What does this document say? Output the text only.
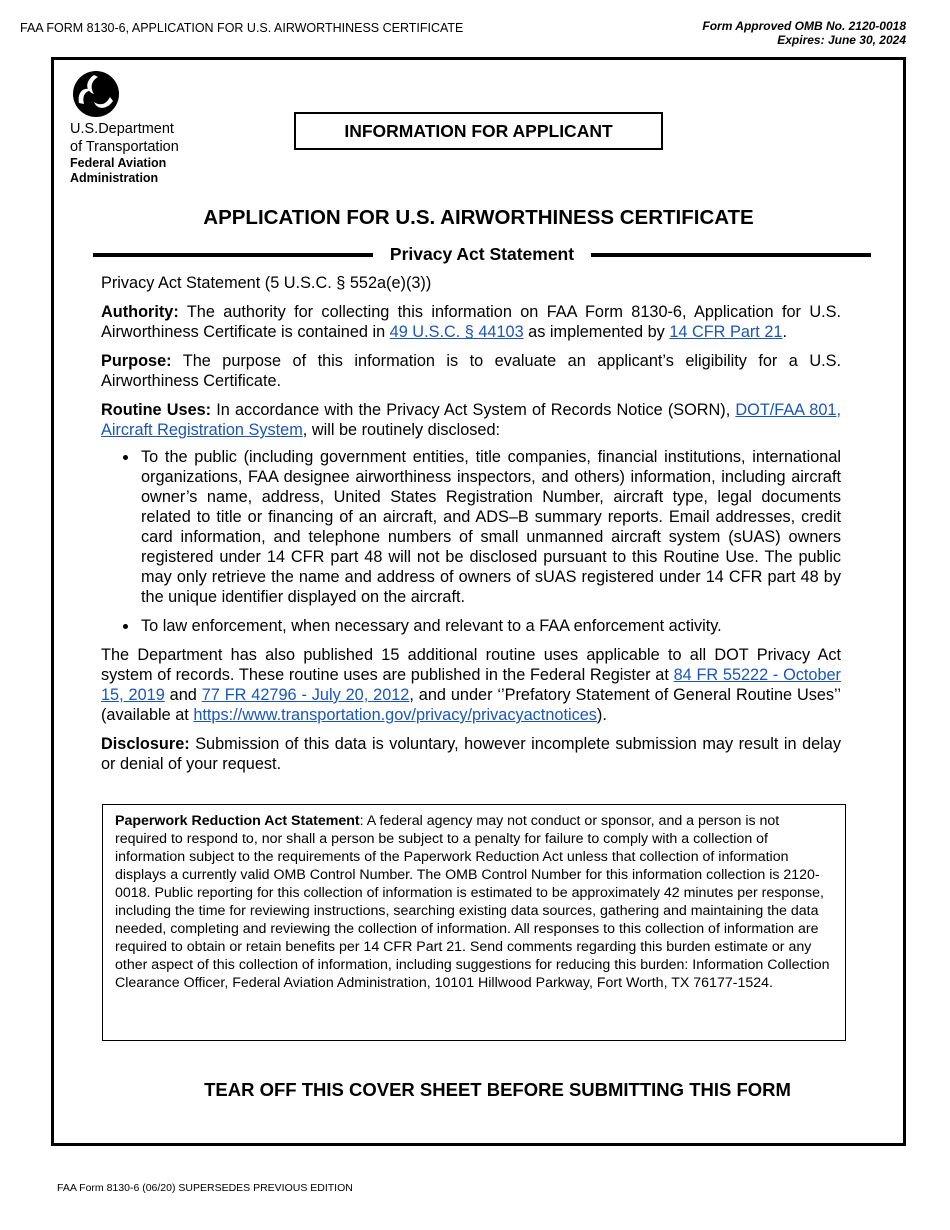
FAA FORM 8130-6, APPLICATION FOR U.S. AIRWORTHINESS CERTIFICATE	Form Approved OMB No. 2120-0018
Expires: June 30, 2024
U.S.Department
of Transportation
Federal Aviation
Administration
INFORMATION FOR APPLICANT
APPLICATION FOR U.S. AIRWORTHINESS CERTIFICATE
Privacy Act Statement

Privacy Act Statement (5 U.S.C. § 552a(e)(3))

Authority: The authority for collecting this information on FAA Form 8130-6, Application for U.S. Airworthiness Certificate is contained in 49 U.S.C. § 44103 as implemented by 14 CFR Part 21.

Purpose: The purpose of this information is to evaluate an applicant’s eligibility for a U.S. Airworthiness Certificate.

Routine Uses: In accordance with the Privacy Act System of Records Notice (SORN), DOT/FAA 801, Aircraft Registration System, will be routinely disclosed:

• To the public (including government entities, title companies, financial institutions, international organizations, FAA designee airworthiness inspectors, and others) information, including aircraft owner’s name, address, United States Registration Number, aircraft type, legal documents related to title or financing of an aircraft, and ADS–B summary reports. Email addresses, credit card information, and telephone numbers of small unmanned aircraft system (sUAS) owners registered under 14 CFR part 48 will not be disclosed pursuant to this Routine Use. The public may only retrieve the name and address of owners of sUAS registered under 14 CFR part 48 by the unique identifier displayed on the aircraft.
• To law enforcement, when necessary and relevant to a FAA enforcement activity.

The Department has also published 15 additional routine uses applicable to all DOT Privacy Act system of records. These routine uses are published in the Federal Register at 84 FR 55222 - October 15, 2019 and 77 FR 42796 - July 20, 2012, and under ‘’Prefatory Statement of General Routine Uses’’ (available at https://www.transportation.gov/privacy/privacyactnotices).

Disclosure: Submission of this data is voluntary, however incomplete submission may result in delay or denial of your request.

Paperwork Reduction Act Statement: A federal agency may not conduct or sponsor, and a person is not required to respond to, nor shall a person be subject to a penalty for failure to comply with a collection of information subject to the requirements of the Paperwork Reduction Act unless that collection of information displays a currently valid OMB Control Number. The OMB Control Number for this information collection is 2120-0018. Public reporting for this collection of information is estimated to be approximately 42 minutes per response, including the time for reviewing instructions, searching existing data sources, gathering and maintaining the data needed, completing and reviewing the collection of information. All responses to this collection of information are required to obtain or retain benefits per 14 CFR Part 21. Send comments regarding this burden estimate or any other aspect of this collection of information, including suggestions for reducing this burden: Information Collection Clearance Officer, Federal Aviation Administration, 10101 Hillwood Parkway, Fort Worth, TX 76177-1524.
TEAR OFF THIS COVER SHEET BEFORE SUBMITTING THIS FORM
FAA Form 8130-6 (06/20) SUPERSEDES PREVIOUS EDITION
